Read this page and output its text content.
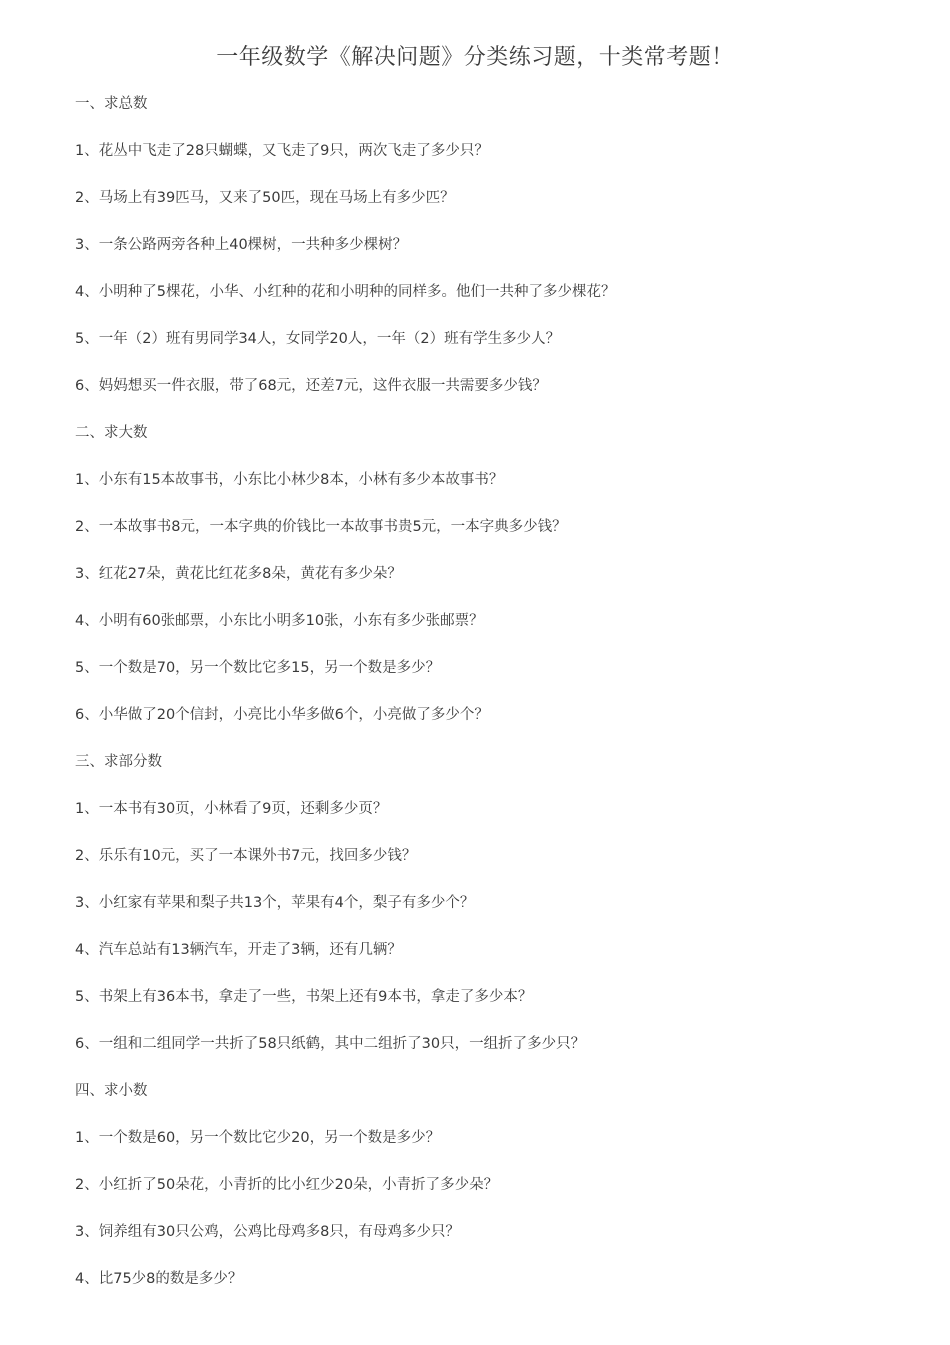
一年级数学《解决问题》分类练习题，十类常考题！
一、求总数
1、花丛中飞走了28只蝴蝶，又飞走了9只，两次飞走了多少只？
2、马场上有39匹马，又来了50匹，现在马场上有多少匹？
3、一条公路两旁各种上40棵树，一共种多少棵树？
4、小明种了5棵花，小华、小红种的花和小明种的同样多。他们一共种了多少棵花？
5、一年（2）班有男同学34人，女同学20人，一年（2）班有学生多少人？
6、妈妈想买一件衣服，带了68元，还差7元，这件衣服一共需要多少钱？
二、求大数
1、小东有15本故事书，小东比小林少8本，小林有多少本故事书？
2、一本故事书8元，一本字典的价钱比一本故事书贵5元，一本字典多少钱？
3、红花27朵，黄花比红花多8朵，黄花有多少朵？
4、小明有60张邮票，小东比小明多10张，小东有多少张邮票？
5、一个数是70，另一个数比它多15，另一个数是多少？
6、小华做了20个信封，小亮比小华多做6个，小亮做了多少个？
三、求部分数
1、一本书有30页，小林看了9页，还剩多少页？
2、乐乐有10元，买了一本课外书7元，找回多少钱？
3、小红家有苹果和梨子共13个，苹果有4个，梨子有多少个？
4、汽车总站有13辆汽车，开走了3辆，还有几辆？
5、书架上有36本书，拿走了一些，书架上还有9本书，拿走了多少本？
6、一组和二组同学一共折了58只纸鹤，其中二组折了30只，一组折了多少只？
四、求小数
1、一个数是60，另一个数比它少20，另一个数是多少？
2、小红折了50朵花，小青折的比小红少20朵，小青折了多少朵？
3、饲养组有30只公鸡，公鸡比母鸡多8只，有母鸡多少只？
4、比75少8的数是多少？
